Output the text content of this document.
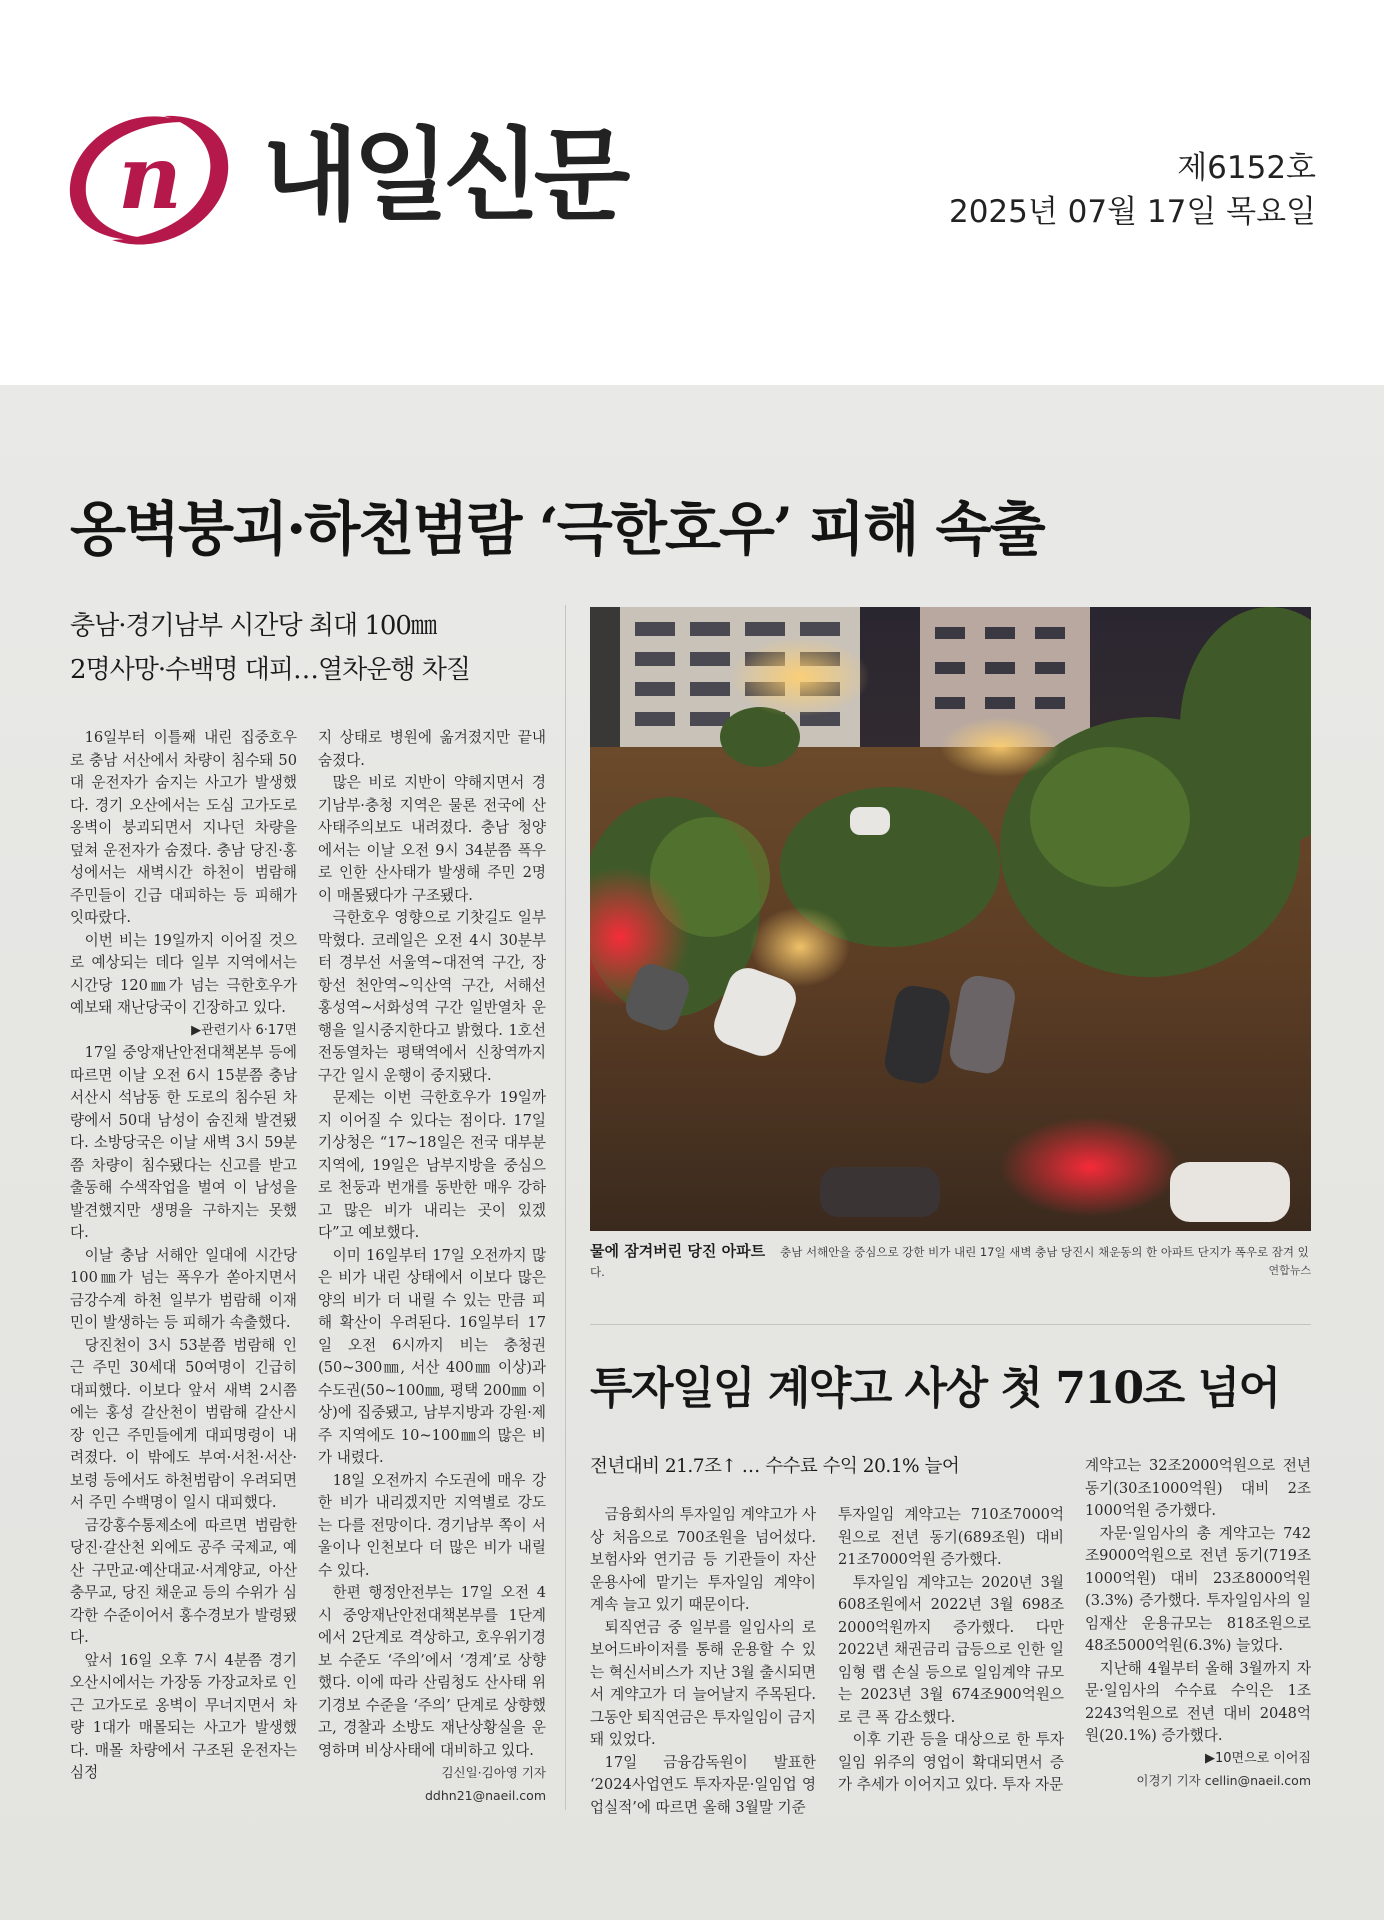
n 내일신문	제6152호
2025년 07월 17일 목요일
옹벽붕괴·하천범람 ‘극한호우’ 피해 속출
충남·경기남부 시간당 최대 100㎜
2명사망·수백명 대피…열차운행 차질

16일부터 이틀째 내린 집중호우로 충남 서산에서 차량이 침수돼 50대 운전자가 숨지는 사고가 발생했다. 경기 오산에서는 도심 고가도로 옹벽이 붕괴되면서 지나던 차량을 덮쳐 운전자가 숨졌다. 충남 당진·홍성에서는 새벽시간 하천이 범람해 주민들이 긴급 대피하는 등 피해가 잇따랐다.

이번 비는 19일까지 이어질 것으로 예상되는 데다 일부 지역에서는 시간당 120㎜가 넘는 극한호우가 예보돼 재난당국이 긴장하고 있다.

▶관련기사 6·17면

17일 중앙재난안전대책본부 등에 따르면 이날 오전 6시 15분쯤 충남 서산시 석남동 한 도로의 침수된 차량에서 50대 남성이 숨진채 발견됐다. 소방당국은 이날 새벽 3시 59분쯤 차량이 침수됐다는 신고를 받고 출동해 수색작업을 벌여 이 남성을 발견했지만 생명을 구하지는 못했다.

이날 충남 서해안 일대에 시간당 100㎜가 넘는 폭우가 쏟아지면서 금강수계 하천 일부가 범람해 이재민이 발생하는 등 피해가 속출했다.

당진천이 3시 53분쯤 범람해 인근 주민 30세대 50여명이 긴급히 대피했다. 이보다 앞서 새벽 2시쯤에는 홍성 갈산천이 범람해 갈산시장 인근 주민들에게 대피명령이 내려졌다. 이 밖에도 부여·서천·서산·보령 등에서도 하천범람이 우려되면서 주민 수백명이 일시 대피했다.

금강홍수통제소에 따르면 범람한 당진·갈산천 외에도 공주 국제교, 예산 구만교·예산대교·서계양교, 아산 충무교, 당진 채운교 등의 수위가 심각한 수준이어서 홍수경보가 발령됐다.

앞서 16일 오후 7시 4분쯤 경기 오산시에서는 가장동 가장교차로 인근 고가도로 옹벽이 무너지면서 차량 1대가 매몰되는 사고가 발생했다. 매몰 차량에서 구조된 운전자는 심정

지 상태로 병원에 옮겨졌지만 끝내 숨졌다.

많은 비로 지반이 약해지면서 경기남부·충청 지역은 물론 전국에 산사태주의보도 내려졌다. 충남 청양에서는 이날 오전 9시 34분쯤 폭우로 인한 산사태가 발생해 주민 2명이 매몰됐다가 구조됐다.

극한호우 영향으로 기찻길도 일부 막혔다. 코레일은 오전 4시 30분부터 경부선 서울역~대전역 구간, 장항선 천안역~익산역 구간, 서해선 홍성역~서화성역 구간 일반열차 운행을 일시중지한다고 밝혔다. 1호선 전동열차는 평택역에서 신창역까지 구간 일시 운행이 중지됐다.

문제는 이번 극한호우가 19일까지 이어질 수 있다는 점이다. 17일 기상청은 “17~18일은 전국 대부분 지역에, 19일은 남부지방을 중심으로 천둥과 번개를 동반한 매우 강하고 많은 비가 내리는 곳이 있겠다”고 예보했다.

이미 16일부터 17일 오전까지 많은 비가 내린 상태에서 이보다 많은 양의 비가 더 내릴 수 있는 만큼 피해 확산이 우려된다. 16일부터 17일 오전 6시까지 비는 충청권(50~300㎜, 서산 400㎜ 이상)과 수도권(50~100㎜, 평택 200㎜ 이상)에 집중됐고, 남부지방과 강원·제주 지역에도 10~100㎜의 많은 비가 내렸다.

18일 오전까지 수도권에 매우 강한 비가 내리겠지만 지역별로 강도는 다를 전망이다. 경기남부 쪽이 서울이나 인천보다 더 많은 비가 내릴 수 있다.

한편 행정안전부는 17일 오전 4시 중앙재난안전대책본부를 1단계에서 2단계로 격상하고, 호우위기경보 수준도 ‘주의’에서 ‘경계’로 상향했다. 이에 따라 산림청도 산사태 위기경보 수준을 ‘주의’ 단계로 상향했고, 경찰과 소방도 재난상황실을 운영하며 비상사태에 대비하고 있다.

김신일·김아영 기자 ddhn21@naeil.com

물에 잠겨버린 당진 아파트 충남 서해안을 중심으로 강한 비가 내린 17일 새벽 충남 당진시 채운동의 한 아파트 단지가 폭우로 잠겨 있다.	연합뉴스
투자일임 계약고 사상 첫 710조 넘어
전년대비 21.7조↑ … 수수료 수익 20.1% 늘어

금융회사의 투자일임 계약고가 사상 처음으로 700조원을 넘어섰다. 보험사와 연기금 등 기관들이 자산운용사에 맡기는 투자일임 계약이 계속 늘고 있기 때문이다.

퇴직연금 중 일부를 일임사의 로보어드바이저를 통해 운용할 수 있는 혁신서비스가 지난 3월 출시되면서 계약고가 더 늘어날지 주목된다. 그동안 퇴직연금은 투자일임이 금지돼 있었다.

17일 금융감독원이 발표한 ‘2024사업연도 투자자문·일임업 영업실적’에 따르면 올해 3월말 기준

투자일임 계약고는 710조7000억원으로 전년 동기(689조원) 대비 21조7000억원 증가했다.

투자일임 계약고는 2020년 3월 608조원에서 2022년 3월 698조2000억원까지 증가했다. 다만 2022년 채권금리 급등으로 인한 일임형 랩 손실 등으로 일임계약 규모는 2023년 3월 674조900억원으로 큰 폭 감소했다.

이후 기관 등을 대상으로 한 투자일임 위주의 영업이 확대되면서 증가 추세가 이어지고 있다. 투자 자문

계약고는 32조2000억원으로 전년 동기(30조1000억원) 대비 2조1000억원 증가했다.

자문·일임사의 총 계약고는 742조9000억원으로 전년 동기(719조1000억원) 대비 23조8000억원(3.3%) 증가했다. 투자일임사의 일임재산 운용규모는 818조원으로 48조5000억원(6.3%) 늘었다.

지난해 4월부터 올해 3월까지 자문·일임사의 수수료 수익은 1조2243억원으로 전년 대비 2048억원(20.1%) 증가했다.

▶10면으로 이어짐

이경기 기자 cellin@naeil.com
